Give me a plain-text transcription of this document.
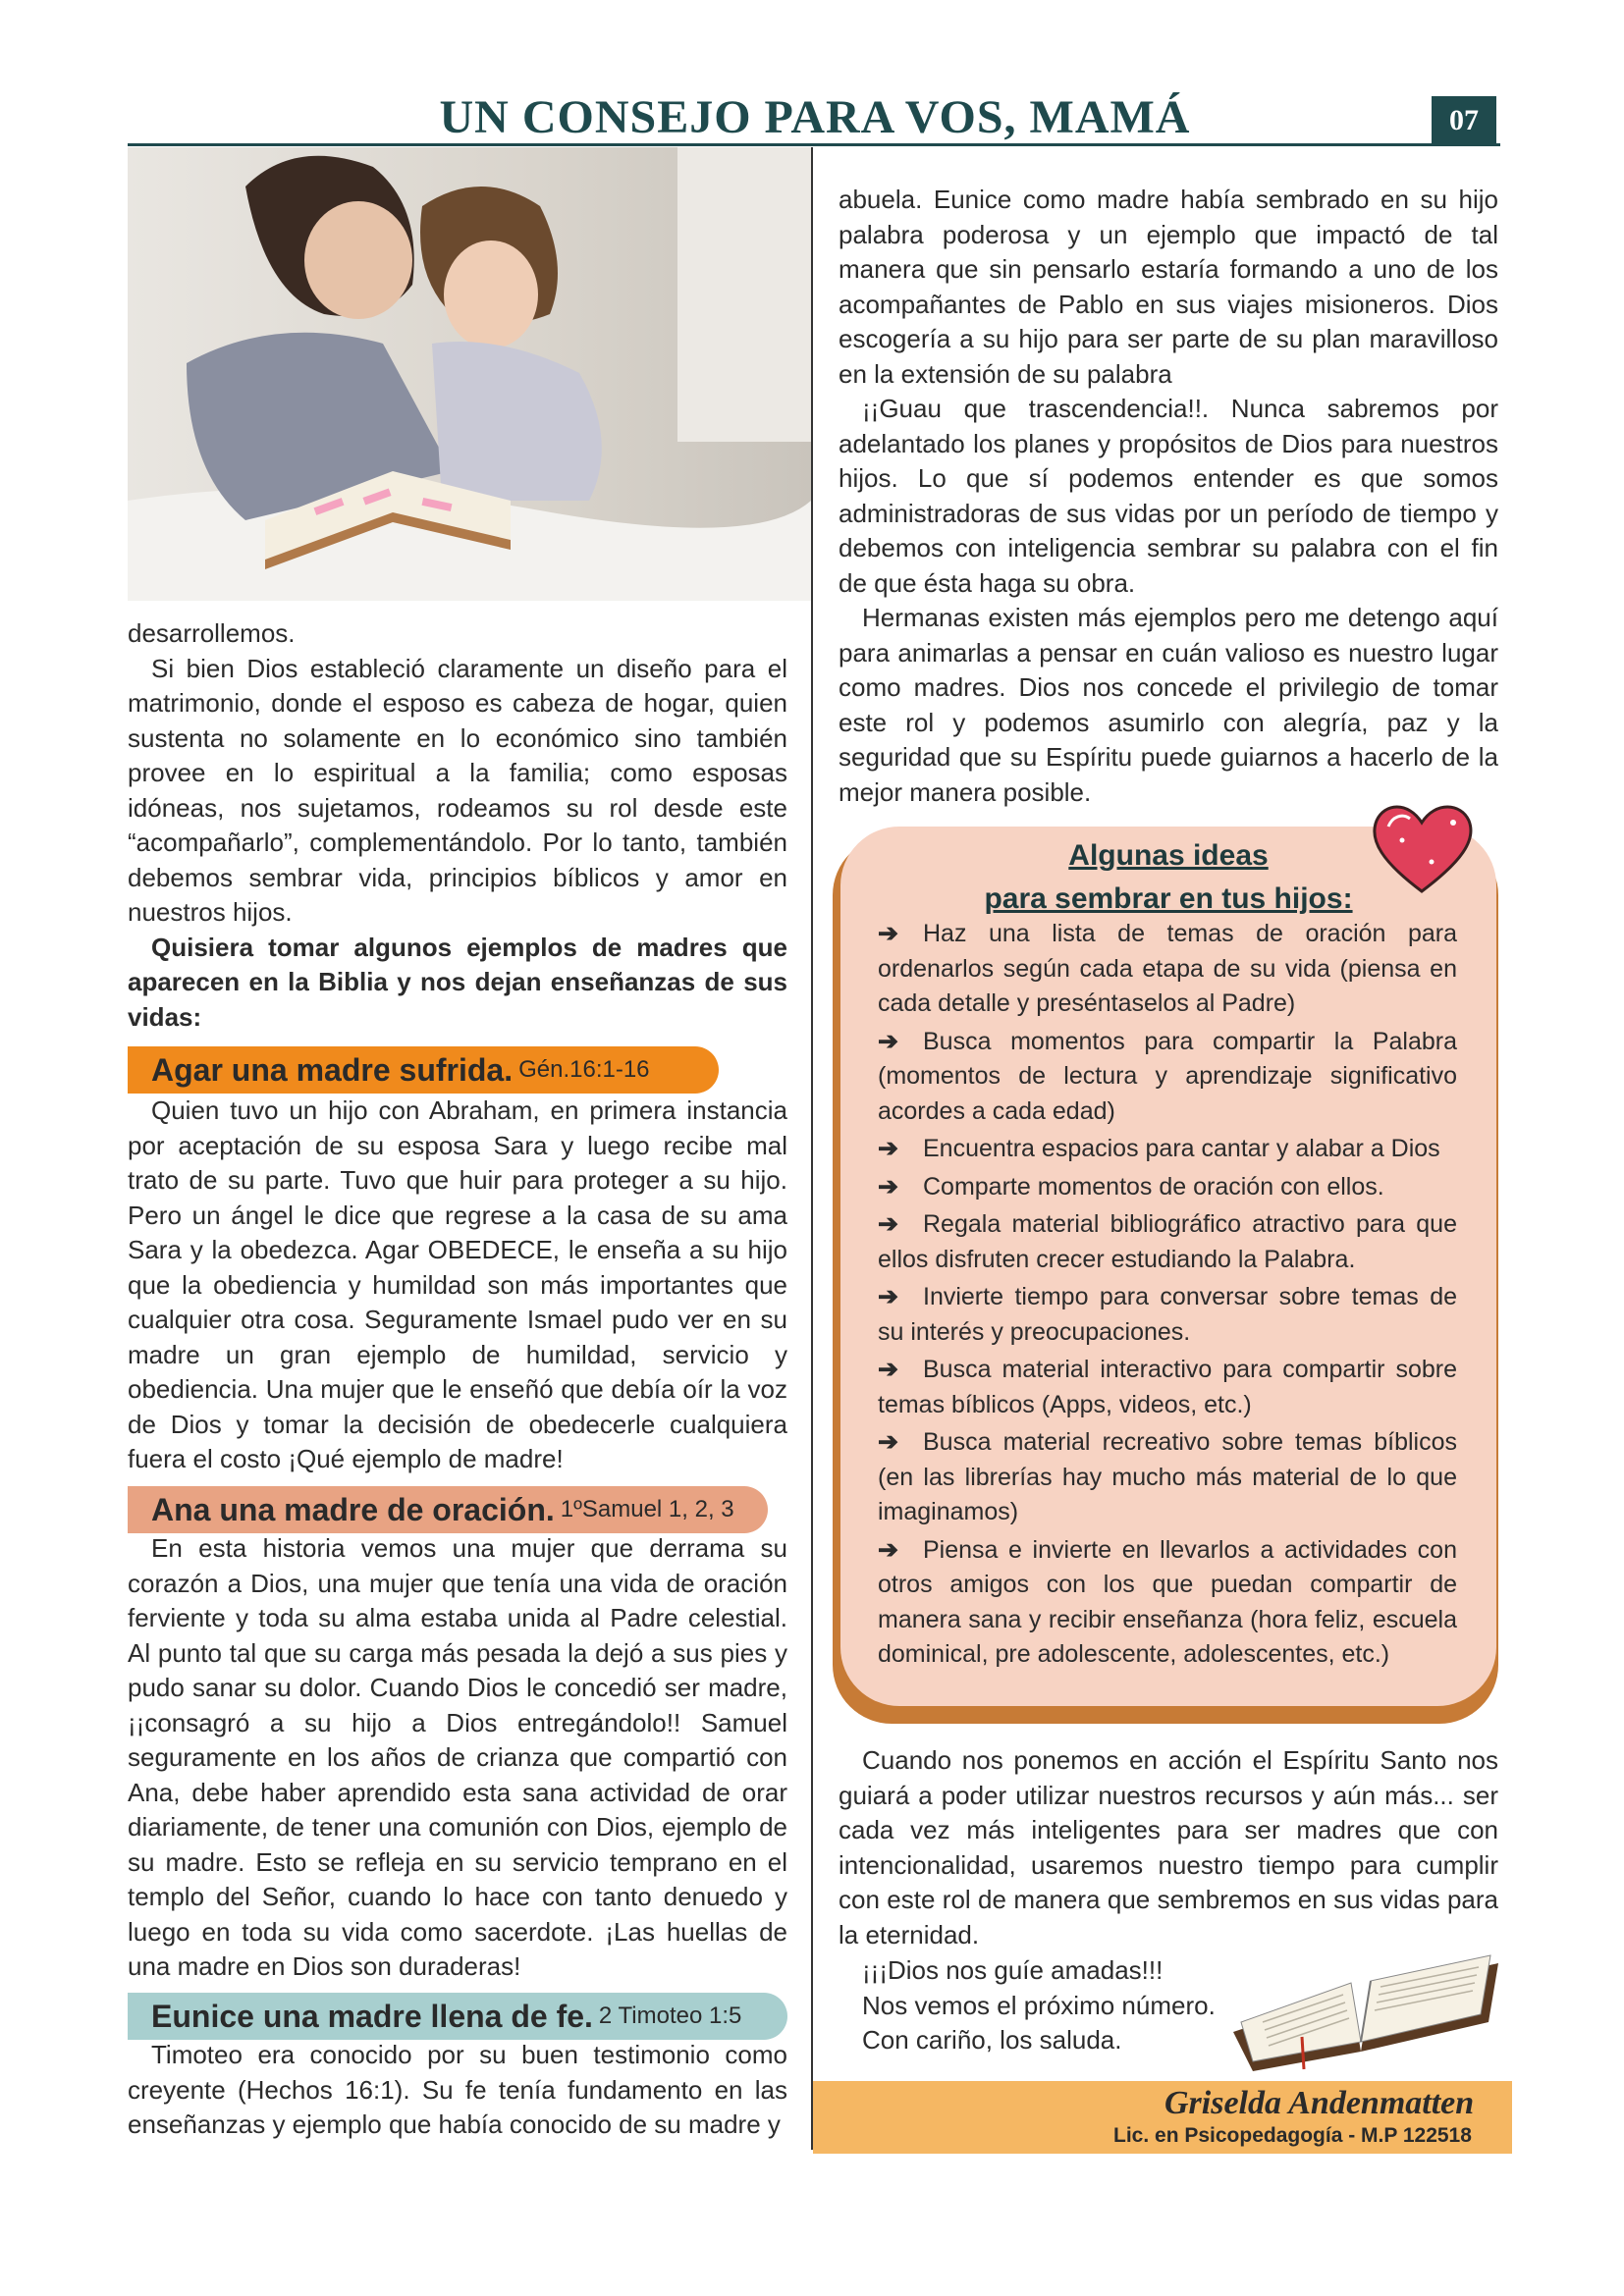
UN CONSEJO PARA VOS, MAMÁ	07

desarrollemos.

Si bien Dios estableció claramente un diseño para el matrimonio, donde el esposo es cabeza de hogar, quien sustenta no solamente en lo económico sino también provee en lo espiritual a la familia; como esposas idóneas, nos sujetamos, rodeamos su rol desde este “acompañarlo”, complementándolo. Por lo tanto, también debemos sembrar vida, principios bíblicos y amor en nuestros hijos.

Quisiera tomar algunos ejemplos de madres que aparecen en la Biblia y nos dejan enseñanzas de sus vidas:

Agar una madre sufrida. Gén.16:1-16

Quien tuvo un hijo con Abraham, en primera instancia por aceptación de su esposa Sara y luego recibe mal trato de su parte. Tuvo que huir para proteger a su hijo. Pero un ángel le dice que regrese a la casa de su ama Sara y la obedezca. Agar OBEDECE, le enseña a su hijo que la obediencia y humildad son más importantes que cualquier otra cosa. Seguramente Ismael pudo ver en su madre un gran ejemplo de humildad, servicio y obediencia. Una mujer que le enseñó que debía oír la voz de Dios y tomar la decisión de obedecerle cualquiera fuera el costo ¡Qué ejemplo de madre!

Ana una madre de oración. 1ºSamuel 1, 2, 3

En esta historia vemos una mujer que derrama su corazón a Dios, una mujer que tenía una vida de oración ferviente y toda su alma estaba unida al Padre celestial. Al punto tal que su carga más pesada la dejó a sus pies y pudo sanar su dolor. Cuando Dios le concedió ser madre, ¡¡consagró a su hijo a Dios entregándolo!! Samuel seguramente en los años de crianza que compartió con Ana, debe haber aprendido esta sana actividad de orar diariamente, de tener una comunión con Dios, ejemplo de su madre. Esto se refleja en su servicio temprano en el templo del Señor, cuando lo hace con tanto denuedo y luego en toda su vida como sacerdote. ¡Las huellas de una madre en Dios son duraderas!

Eunice una madre llena de fe. 2 Timoteo 1:5

Timoteo era conocido por su buen testimonio como creyente (Hechos 16:1). Su fe tenía fundamento en las enseñanzas y ejemplo que había conocido de su madre y

abuela. Eunice como madre había sembrado en su hijo palabra poderosa y un ejemplo que impactó de tal manera que sin pensarlo estaría formando a uno de los acompañantes de Pablo en sus viajes misioneros. Dios escogería a su hijo para ser parte de su plan maravilloso en la extensión de su palabra

¡¡Guau que trascendencia!!. Nunca sabremos por adelantado los planes y propósitos de Dios para nuestros hijos. Lo que sí podemos entender es que somos administradoras de sus vidas por un período de tiempo y debemos con inteligencia sembrar su palabra con el fin de que ésta haga su obra.

Hermanas existen más ejemplos pero me detengo aquí para animarlas a pensar en cuán valioso es nuestro lugar como madres. Dios nos concede el privilegio de tomar este rol y podemos asumirlo con alegría, paz y la seguridad que su Espíritu puede guiarnos a hacerlo de la mejor manera posible.

Algunas ideas
para sembrar en tus hijos:

➔ Haz una lista de temas de oración para ordenarlos según cada etapa de su vida (piensa en cada detalle y preséntaselos al Padre)

➔ Busca momentos para compartir la Palabra (momentos de lectura y aprendizaje significativo acordes a cada edad)

➔ Encuentra espacios para cantar y alabar a Dios

➔ Comparte momentos de oración con ellos.

➔ Regala material bibliográfico atractivo para que ellos disfruten crecer estudiando la Palabra.

➔ Invierte tiempo para conversar sobre temas de su interés y preocupaciones.

➔ Busca material interactivo para compartir sobre temas bíblicos (Apps, videos, etc.)

➔ Busca material recreativo sobre temas bíblicos (en las librerías hay mucho más material de lo que imaginamos)

➔ Piensa e invierte en llevarlos a actividades con otros amigos con los que puedan compartir de manera sana y recibir enseñanza (hora feliz, escuela dominical, pre adolescente, adolescentes, etc.)

Cuando nos ponemos en acción el Espíritu Santo nos guiará a poder utilizar nuestros recursos y aún más... ser cada vez más inteligentes para ser madres que con intencionalidad, usaremos nuestro tiempo para cumplir con este rol de manera que sembremos en sus vidas para la eternidad.

¡¡¡Dios nos guíe amadas!!!

Nos vemos el próximo número.

Con cariño, los saluda.

Griselda Andenmatten
Lic. en Psicopedagogía - M.P 122518
